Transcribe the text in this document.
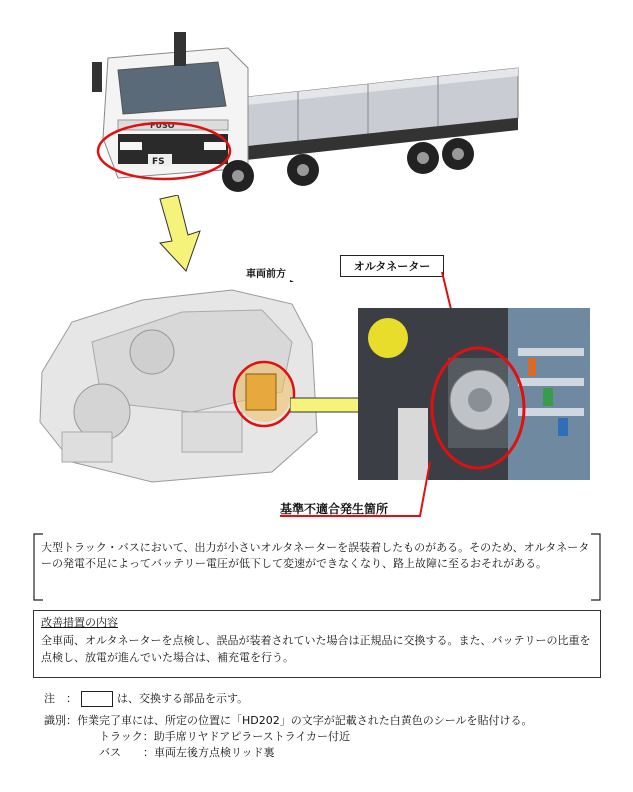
FUSO
FS
車両前方
オルタネーター
基準不適合発生箇所
大型トラック・バスにおいて、出力が小さいオルタネーターを誤装着したものがある。そのため、オルタネーターの発電不足によってバッテリー電圧が低下して変速ができなくなり、路上故障に至るおそれがある。
改善措置の内容
全車両、オルタネーターを点検し、誤品が装着されていた場合は正規品に交換する。また、バッテリーの比重を点検し、放電が進んでいた場合は、補充電を行う。
注　：	は、交換する部品を示す。
識別：作業完了車には、所定の位置に「HD202」の文字が記載された白黄色のシールを貼付ける。
　　　　　トラック：助手席リヤドアピラーストライカー付近
　　　　　バス　　：車両左後方点検リッド裏
